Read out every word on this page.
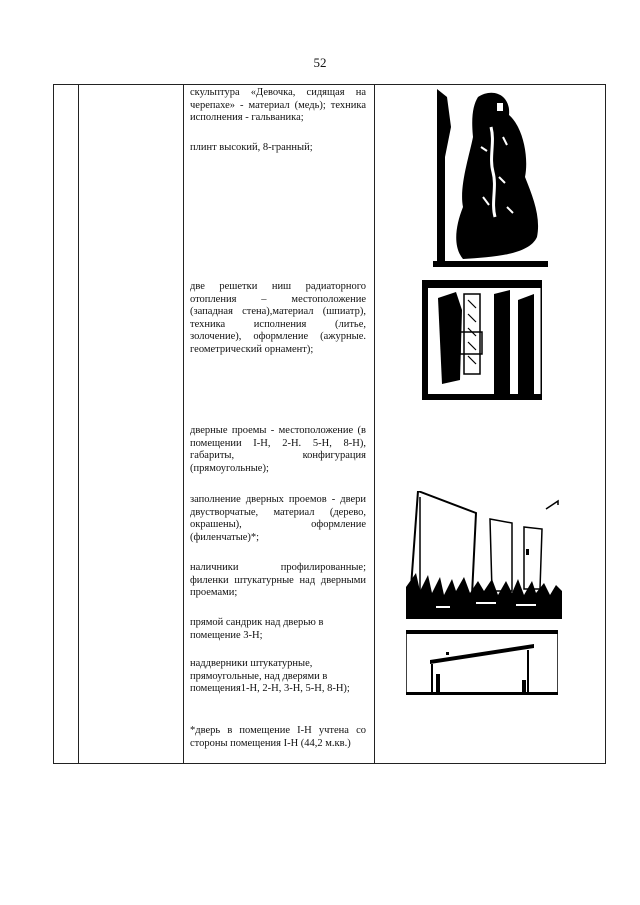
52

скульптура «Девочка, сидящая на черепахе» - материал (медь); техника исполнения - гальваника;

плинт высокий, 8-гранный;

две решетки ниш радиаторного отопления – местоположение (западная стена),материал (шпиатр), техника исполнения (литье, золочение), оформление (ажурные. геометрический орнамент);

дверные проемы - местоположение (в помещении I-Н, 2-Н. 5-Н, 8-Н), габариты, конфигурация (прямоугольные);

заполнение дверных проемов - двери двустворчатые, материал (дерево, окрашены), оформление (филенчатые)*;

наличники профилированные; филенки штукатурные над дверными проемами;

прямой сандрик над дверью в помещение 3-Н;

наддверники штукатурные, прямоугольные, над дверями в помещения1-Н, 2-Н, 3-Н, 5-Н, 8-Н);

*дверь в помещение I-Н учтена со стороны помещения I-Н (44,2 м.кв.)
